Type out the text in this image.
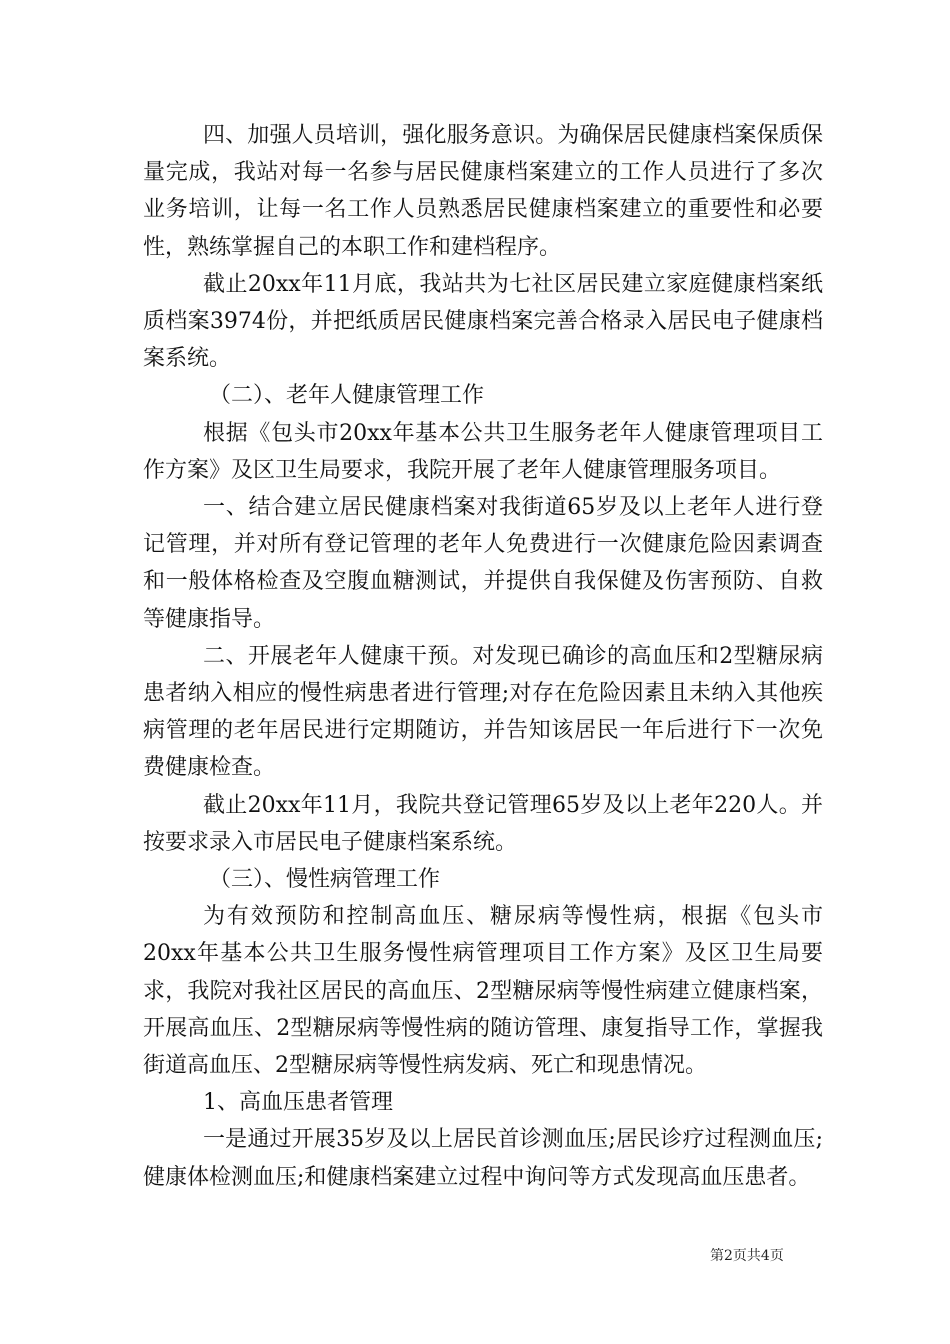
四、加强人员培训，强化服务意识。为确保居民健康档案保质保量完成，我站对每一名参与居民健康档案建立的工作人员进行了多次业务培训，让每一名工作人员熟悉居民健康档案建立的重要性和必要性，熟练掌握自己的本职工作和建档程序。

截止20xx年11月底，我站共为七社区居民建立家庭健康档案纸质档案3974份，并把纸质居民健康档案完善合格录入居民电子健康档案系统。

（二）、老年人健康管理工作

根据《包头市20xx年基本公共卫生服务老年人健康管理项目工作方案》及区卫生局要求，我院开展了老年人健康管理服务项目。

一、结合建立居民健康档案对我街道65岁及以上老年人进行登记管理，并对所有登记管理的老年人免费进行一次健康危险因素调查和一般体格检查及空腹血糖测试，并提供自我保健及伤害预防、自救等健康指导。

二、开展老年人健康干预。对发现已确诊的高血压和2型糖尿病患者纳入相应的慢性病患者进行管理;对存在危险因素且未纳入其他疾病管理的老年居民进行定期随访，并告知该居民一年后进行下一次免费健康检查。

截止20xx年11月，我院共登记管理65岁及以上老年220人。并按要求录入市居民电子健康档案系统。

（三）、慢性病管理工作

为有效预防和控制高血压、糖尿病等慢性病，根据《包头市20xx年基本公共卫生服务慢性病管理项目工作方案》及区卫生局要求，我院对我社区居民的高血压、2型糖尿病等慢性病建立健康档案，开展高血压、2型糖尿病等慢性病的随访管理、康复指导工作，掌握我街道高血压、2型糖尿病等慢性病发病、死亡和现患情况。

1、高血压患者管理

一是通过开展35岁及以上居民首诊测血压;居民诊疗过程测血压;健康体检测血压;和健康档案建立过程中询问等方式发现高血压患者。

第2页共4页
